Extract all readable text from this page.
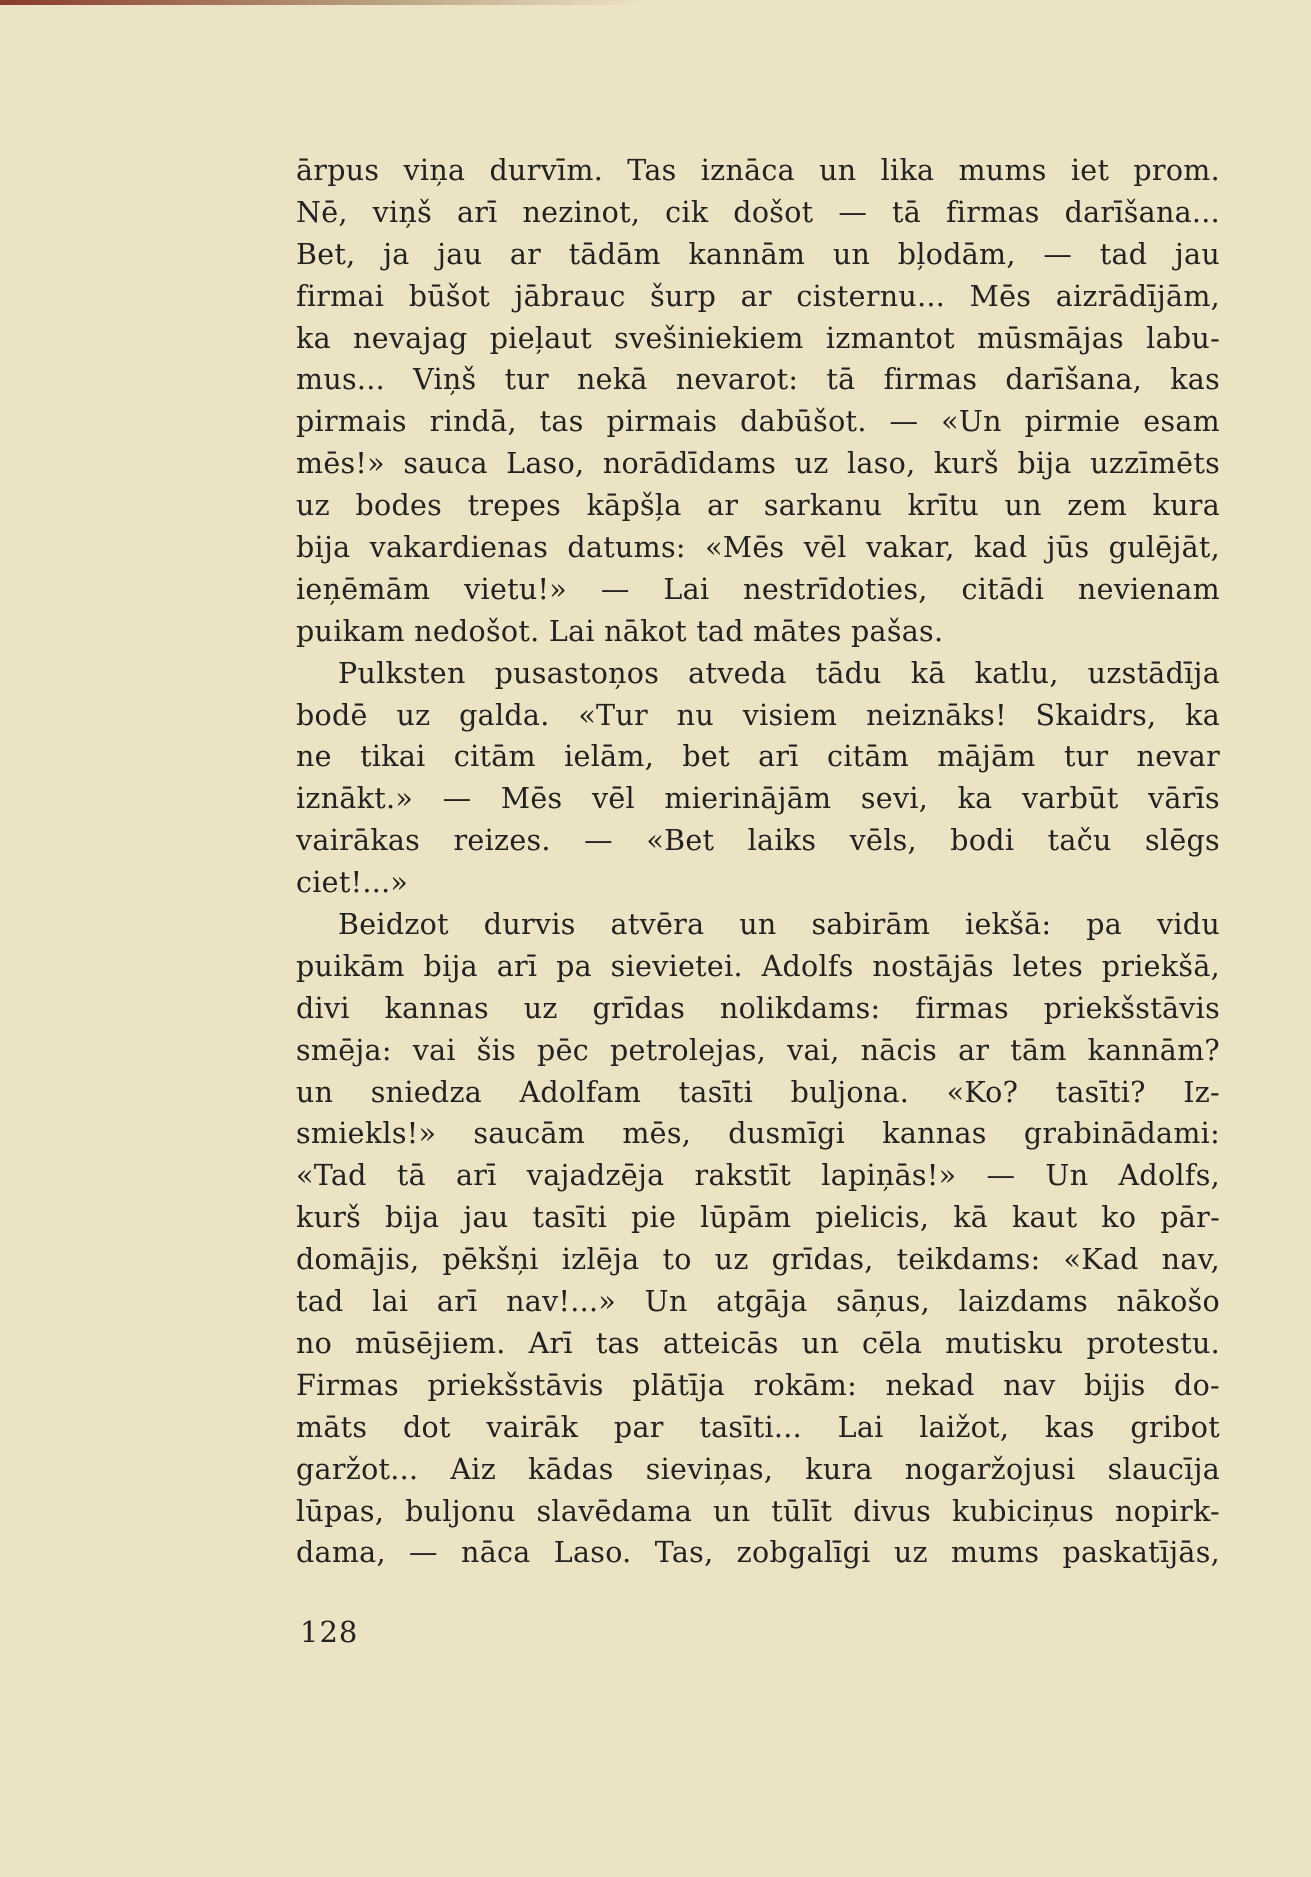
ārpus viņa durvīm. Tas iznāca un lika mums iet prom.
Nē, viņš arī nezinot, cik došot — tā firmas darīšana...
Bet, ja jau ar tādām kannām un bļodām, — tad jau
firmai būšot jābrauc šurp ar cisternu... Mēs aizrādījām,
ka nevajag pieļaut svešiniekiem izmantot mūsmājas labu-
mus... Viņš tur nekā nevarot: tā firmas darīšana, kas
pirmais rindā, tas pirmais dabūšot. — «Un pirmie esam
mēs!» sauca Laso, norādīdams uz laso, kurš bija uzzīmēts
uz bodes trepes kāpšļa ar sarkanu krītu un zem kura
bija vakardienas datums: «Mēs vēl vakar, kad jūs gulējāt,
ieņēmām vietu!» — Lai nestrīdoties, citādi nevienam
puikam nedošot. Lai nākot tad mātes pašas.
Pulksten pusastoņos atveda tādu kā katlu, uzstādīja
bodē uz galda. «Tur nu visiem neiznāks! Skaidrs, ka
ne tikai citām ielām, bet arī citām mājām tur nevar
iznākt.» — Mēs vēl mierinājām sevi, ka varbūt vārīs
vairākas reizes. — «Bet laiks vēls, bodi taču slēgs
ciet!...»
Beidzot durvis atvēra un sabirām iekšā: pa vidu
puikām bija arī pa sievietei. Adolfs nostājās letes priekšā,
divi kannas uz grīdas nolikdams: firmas priekšstāvis
smēja: vai šis pēc petrolejas, vai, nācis ar tām kannām?
un sniedza Adolfam tasīti buljona. «Ko? tasīti? Iz-
smiekls!» saucām mēs, dusmīgi kannas grabinādami:
«Tad tā arī vajadzēja rakstīt lapiņās!» — Un Adolfs,
kurš bija jau tasīti pie lūpām pielicis, kā kaut ko pār-
domājis, pēkšņi izlēja to uz grīdas, teikdams: «Kad nav,
tad lai arī nav!...» Un atgāja sāņus, laizdams nākošo
no mūsējiem. Arī tas atteicās un cēla mutisku protestu.
Firmas priekšstāvis plātīja rokām: nekad nav bijis do-
māts dot vairāk par tasīti... Lai laižot, kas gribot
garžot... Aiz kādas sieviņas, kura nogaržojusi slaucīja
lūpas, buljonu slavēdama un tūlīt divus kubiciņus nopirk-
dama, — nāca Laso. Tas, zobgalīgi uz mums paskatījās,
128
